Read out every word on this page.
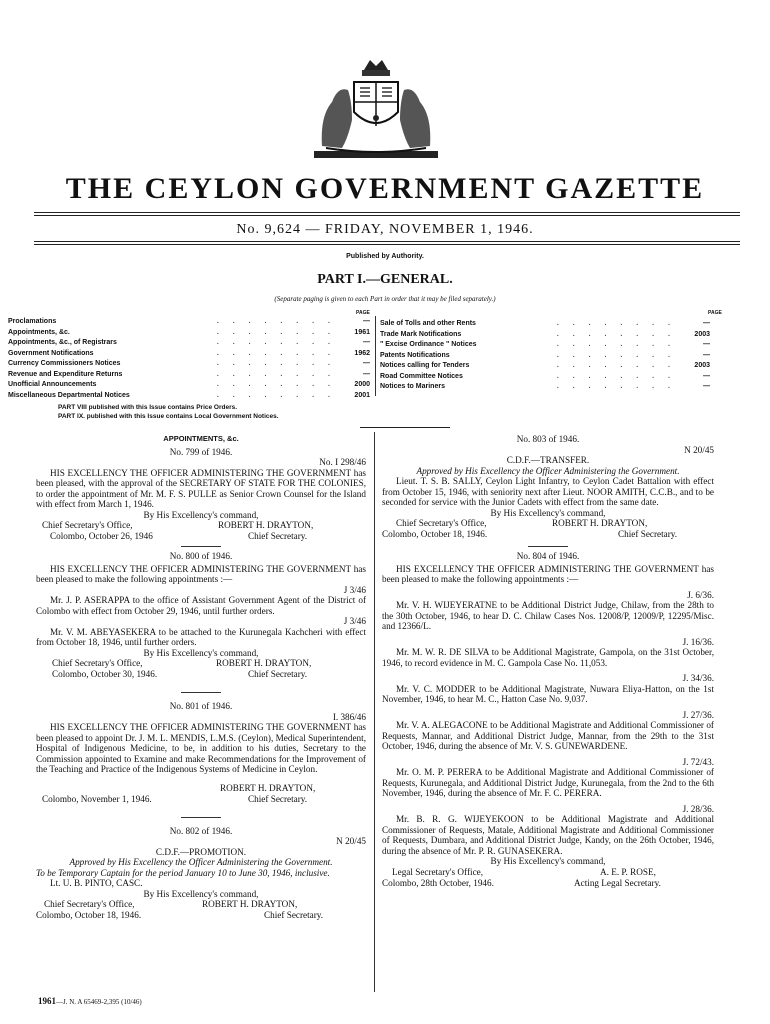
THE CEYLON GOVERNMENT GAZETTE
No. 9,624 — FRIDAY, NOVEMBER 1, 1946.
Published by Authority.
PART I.—GENERAL.
(Separate paging is given to each Part in order that it may be filed separately.)
PAGE	PAGE
Proclamations	. . . . . . . .	—
Appointments, &c.	. . . . . . . .	1961
Appointments, &c., of Registrars	. . . . . . . .	—
Government Notifications	. . . . . . . .	1962
Currency Commissioners Notices	. . . . . . . .	—
Revenue and Expenditure Returns	. . . . . . . .	—
Unofficial Announcements	. . . . . . . .	2000
Miscellaneous Departmental Notices	. . . . . . . .	2001
Sale of Tolls and other Rents	. . . . . . . .	—
Trade Mark Notifications	. . . . . . . .	2003
" Excise Ordinance " Notices	. . . . . . . .	—
Patents Notifications	. . . . . . . .	—
Notices calling for Tenders	. . . . . . . .	2003
Road Committee Notices	. . . . . . . .	—
Notices to Mariners	. . . . . . . .	—
PART VIII published with this Issue contains Price Orders.
PART IX. published with this Issue contains Local Government Notices.

APPOINTMENTS, &c.

No. 799 of 1946.

No. I 298/46

HIS EXCELLENCY THE OFFICER ADMINISTERING THE GOVERNMENT has been pleased, with the approval of the SECRETARY OF STATE FOR THE COLONIES, to order the appointment of Mr. M. F. S. PULLE as Senior Crown Counsel for the Island with effect from March 1, 1946.

By His Excellency's command,

Chief Secretary's Office,	ROBERT H. DRAYTON,
Colombo, October 26, 1946	Chief Secretary.

No. 800 of 1946.

HIS EXCELLENCY THE OFFICER ADMINISTERING THE GOVERNMENT has been pleased to make the following appointments :—

J 3/46

Mr. J. P. ASERAPPA to the office of Assistant Government Agent of the District of Colombo with effect from October 29, 1946, until further orders.

J 3/46

Mr. V. M. ABEYASEKERA to be attached to the Kurunegala Kachcheri with effect from October 18, 1946, until further orders.

By His Excellency's command,

Chief Secretary's Office,	ROBERT H. DRAYTON,
Colombo, October 30, 1946.	Chief Secretary.

No. 801 of 1946.

I. 386/46

HIS EXCELLENCY THE OFFICER ADMINISTERING THE GOVERNMENT has been pleased to appoint Dr. J. M. L. MENDIS, L.M.S. (Ceylon), Medical Superintendent, Hospital of Indigenous Medicine, to be, in addition to his duties, Secretary to the Commission appointed to Examine and make Recommendations for the Improvement of the Teaching and Practice of the Indigenous Systems of Medicine in Ceylon.

ROBERT H. DRAYTON,
Colombo, November 1, 1946.	Chief Secretary.

No. 802 of 1946.

N 20/45

C.D.F.—PROMOTION.

Approved by His Excellency the Officer Administering the Government.

To be Temporary Captain for the period January 10 to June 30, 1946, inclusive.

Lt. U. B. PINTO, CASC.

By His Excellency's command,

Chief Secretary's Office,	ROBERT H. DRAYTON,
Colombo, October 18, 1946.	Chief Secretary.

No. 803 of 1946.

N 20/45

C.D.F.—TRANSFER.

Approved by His Excellency the Officer Administering the Government.

Lieut. T. S. B. SALLY, Ceylon Light Infantry, to Ceylon Cadet Battalion with effect from October 15, 1946, with seniority next after Lieut. NOOR AMITH, C.C.B., and to be seconded for service with the Junior Cadets with effect from the same date.

By His Excellency's command,

Chief Secretary's Office,	ROBERT H. DRAYTON,
Colombo, October 18, 1946.	Chief Secretary.

No. 804 of 1946.

HIS EXCELLENCY THE OFFICER ADMINISTERING THE GOVERNMENT has been pleased to make the following appointments :—

J. 6/36.

Mr. V. H. WIJEYERATNE to be Additional District Judge, Chilaw, from the 28th to the 30th October, 1946, to hear D. C. Chilaw Cases Nos. 12008/P, 12009/P, 12295/Misc. and 12366/L.

J. 16/36.

Mr. M. W. R. DE SILVA to be Additional Magistrate, Gampola, on the 31st October, 1946, to record evidence in M. C. Gampola Case No. 11,053.

J. 34/36.

Mr. V. C. MODDER to be Additional Magistrate, Nuwara Eliya-Hatton, on the 1st November, 1946, to hear M. C., Hatton Case No. 9,037.

J. 27/36.

Mr. V. A. ALEGACONE to be Additional Magistrate and Additional Commissioner of Requests, Mannar, and Additional District Judge, Mannar, from the 29th to the 31st October, 1946, during the absence of Mr. V. S. GUNEWARDENE.

J. 72/43.

Mr. O. M. P. PERERA to be Additional Magistrate and Additional Commissioner of Requests, Kurunegala, and Additional District Judge, Kurunegala, from the 2nd to the 6th November, 1946, during the absence of Mr. F. C. PERERA.

J. 28/36.

Mr. B. R. G. WIJEYEKOON to be Additional Magistrate and Additional Commissioner of Requests, Matale, Additional Magistrate and Additional Commissioner of Requests, Dumbara, and Additional District Judge, Kandy, on the 26th October, 1946, during the absence of Mr. P. R. GUNASEKERA.

By His Excellency's command,

Legal Secretary's Office,	A. E. P. ROSE,
Colombo, 28th October, 1946.	Acting Legal Secretary.
1961—J. N. A 65469-2,395 (10/46)
